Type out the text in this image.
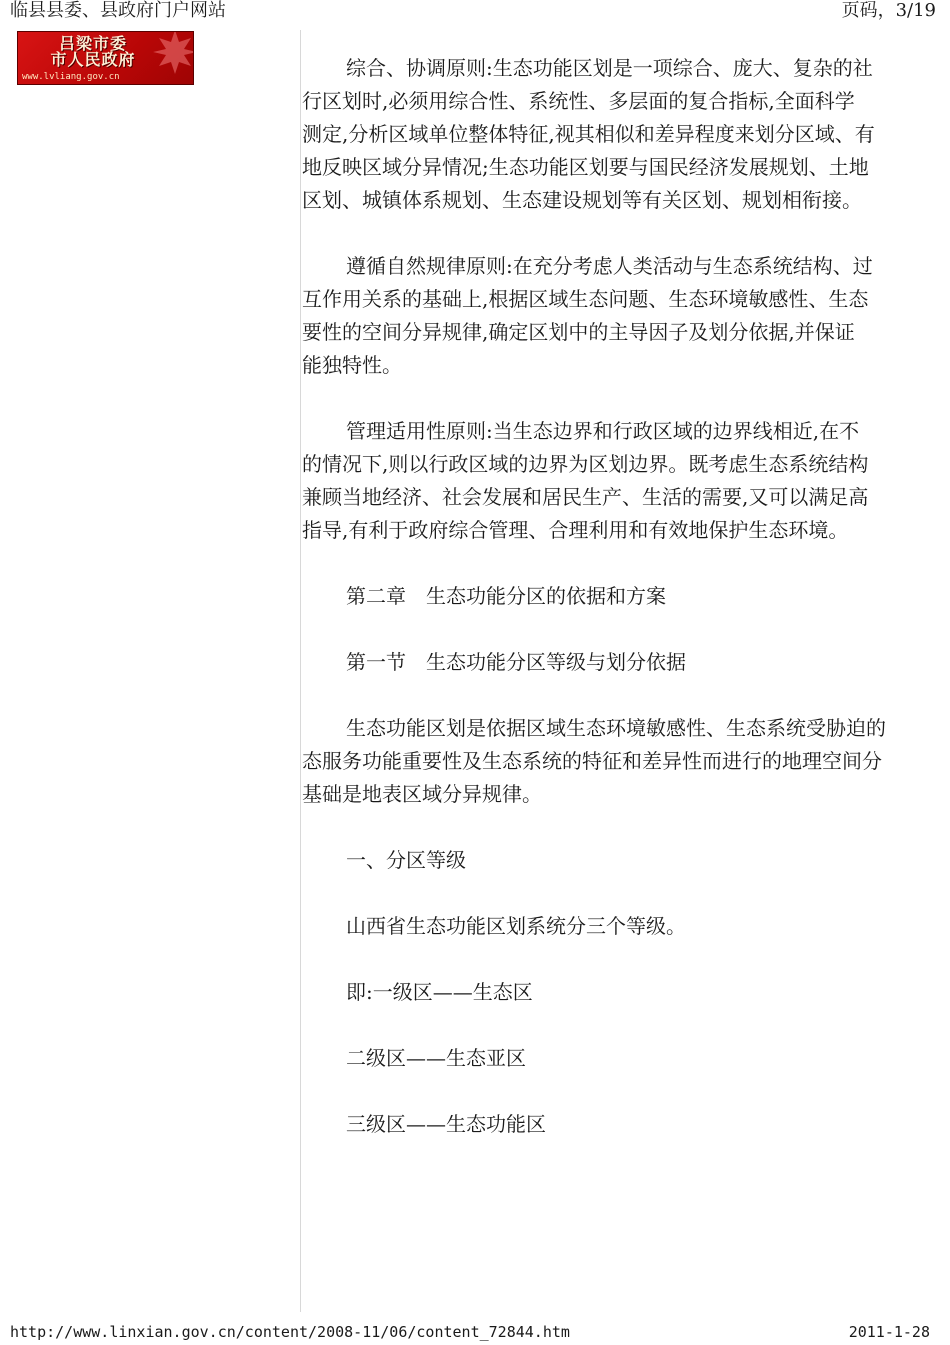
临县县委、县政府门户网站	页码，3/19
吕梁市委
市人民政府
www.lvliang.gov.cn	综合、协调原则:生态功能区划是一项综合、庞大、复杂的社
行区划时,必须用综合性、系统性、多层面的复合指标,全面科学
测定,分析区域单位整体特征,视其相似和差异程度来划分区域、有
地反映区域分异情况;生态功能区划要与国民经济发展规划、土地
区划、城镇体系规划、生态建设规划等有关区划、规划相衔接。

遵循自然规律原则:在充分考虑人类活动与生态系统结构、过
互作用关系的基础上,根据区域生态问题、生态环境敏感性、生态
要性的空间分异规律,确定区划中的主导因子及划分依据,并保证
能独特性。

管理适用性原则:当生态边界和行政区域的边界线相近,在不
的情况下,则以行政区域的边界为区划边界。既考虑生态系统结构
兼顾当地经济、社会发展和居民生产、生活的需要,又可以满足高
指导,有利于政府综合管理、合理利用和有效地保护生态环境。

第二章　生态功能分区的依据和方案

第一节　生态功能分区等级与划分依据

生态功能区划是依据区域生态环境敏感性、生态系统受胁迫的
态服务功能重要性及生态系统的特征和差异性而进行的地理空间分
基础是地表区域分异规律。

一、分区等级

山西省生态功能区划系统分三个等级。

即:一级区——生态区

二级区——生态亚区

三级区——生态功能区

http://www.linxian.gov.cn/content/2008-11/06/content_72844.htm	2011-1-28
